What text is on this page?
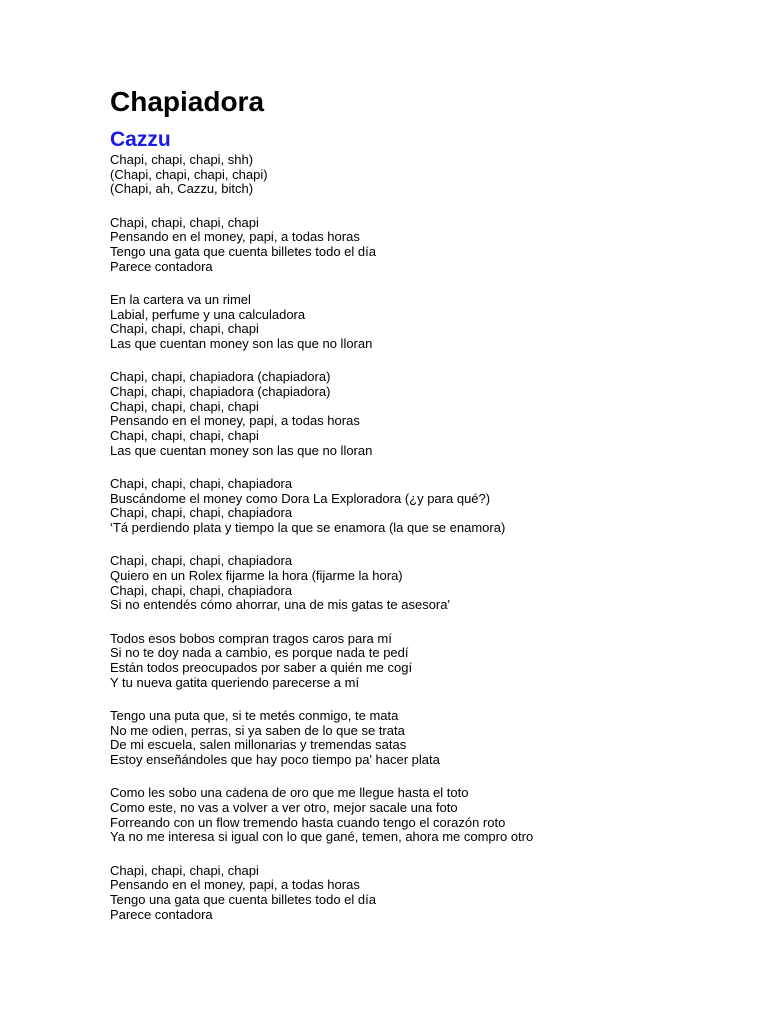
Chapiadora
Cazzu
Chapi, chapi, chapi, shh)
(Chapi, chapi, chapi, chapi)
(Chapi, ah, Cazzu, bitch)
Chapi, chapi, chapi, chapi
Pensando en el money, papi, a todas horas
Tengo una gata que cuenta billetes todo el día
Parece contadora
En la cartera va un rimel
Labial, perfume y una calculadora
Chapi, chapi, chapi, chapi
Las que cuentan money son las que no lloran
Chapi, chapi, chapiadora (chapiadora)
Chapi, chapi, chapiadora (chapiadora)
Chapi, chapi, chapi, chapi
Pensando en el money, papi, a todas horas
Chapi, chapi, chapi, chapi
Las que cuentan money son las que no lloran
Chapi, chapi, chapi, chapiadora
Buscándome el money como Dora La Exploradora (¿y para qué?)
Chapi, chapi, chapi, chapiadora
‘Tá perdiendo plata y tiempo la que se enamora (la que se enamora)
Chapi, chapi, chapi, chapiadora
Quiero en un Rolex fijarme la hora (fijarme la hora)
Chapi, chapi, chapi, chapiadora
Si no entendés cómo ahorrar, una de mis gatas te asesora'
Todos esos bobos compran tragos caros para mí
Si no te doy nada a cambio, es porque nada te pedí
Están todos preocupados por saber a quién me cogí
Y tu nueva gatita queriendo parecerse a mí
Tengo una puta que, si te metés conmigo, te mata
No me odien, perras, si ya saben de lo que se trata
De mi escuela, salen millonarias y tremendas satas
Estoy enseñándoles que hay poco tiempo pa' hacer plata
Como les sobo una cadena de oro que me llegue hasta el toto
Como este, no vas a volver a ver otro, mejor sacale una foto
Forreando con un flow tremendo hasta cuando tengo el corazón roto
Ya no me interesa si igual con lo que gané, temen, ahora me compro otro
Chapi, chapi, chapi, chapi
Pensando en el money, papi, a todas horas
Tengo una gata que cuenta billetes todo el día
Parece contadora
